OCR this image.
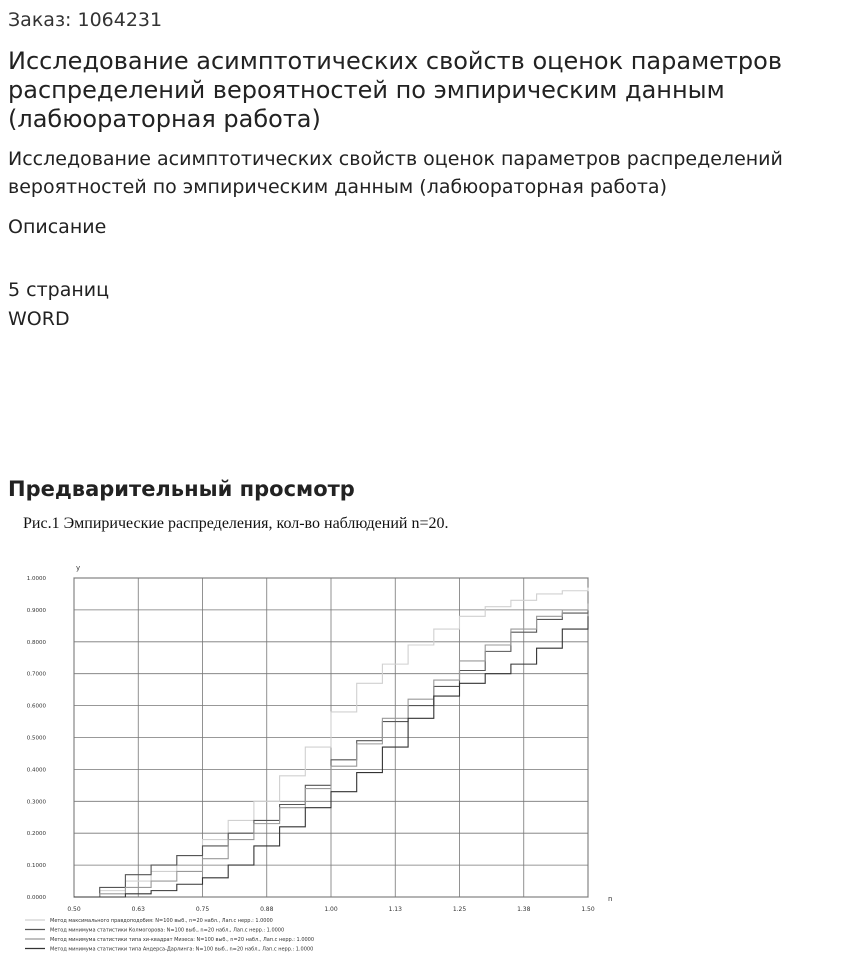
Заказ: 1064231
Исследование асимптотических свойств оценок параметров распределений вероятностей по эмпирическим данным (лабюораторная работа)
Исследование асимптотических свойств оценок параметров распределений вероятностей по эмпирическим данным (лабюораторная работа)
Описание
5 страниц
WORD
Предварительный просмотр
Рис.1 Эмпирические распределения, кол-во наблюдений n=20.
0.50	0.63	0.75	0.88	1.00	1.13	1.25	1.38	1.50
0.0000
0.1000
0.2000
0.3000
0.4000
0.5000
0.6000
0.7000
0.8000
0.9000
1.0000
y
n
Метод максимального правдоподобия: N=100 выб., n=20 набл., Лап.с нерр.: 1.0000
Метод минимума статистики Колмогорова: N=100 выб., n=20 набл., Лап.с нерр.: 1.0000
Метод минимума статистики типа хи-квадрат Мизеса: N=100 выб., n=20 набл., Лап.с нерр.: 1.0000
Метод минимума статистики типа Андерса-Дарлинга: N=100 выб., n=20 набл., Лап.с нерр.: 1.0000
